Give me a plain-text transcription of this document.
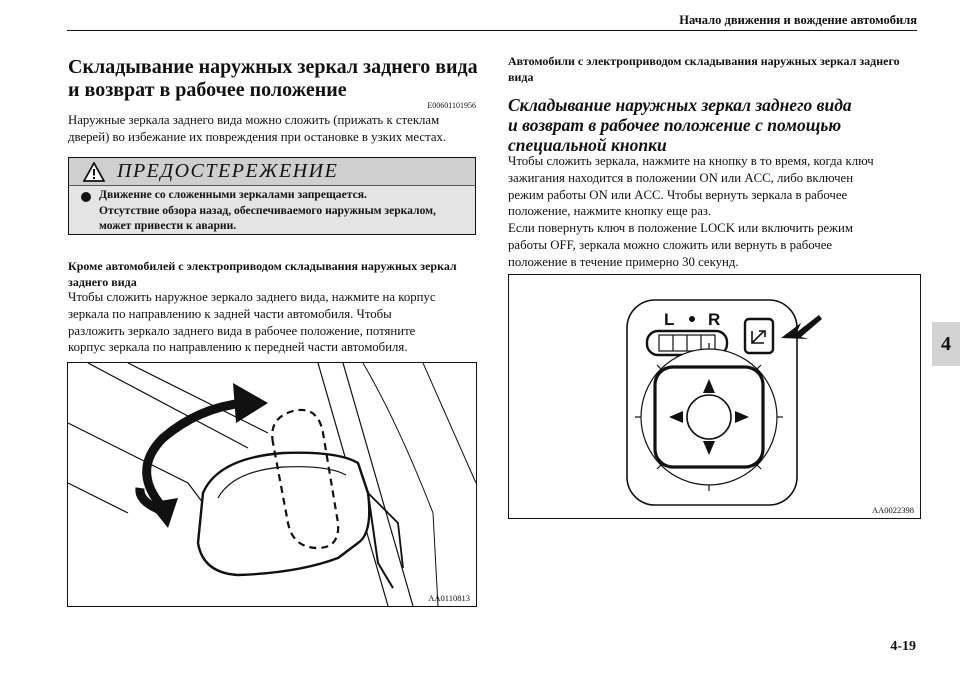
Начало движения и вождение автомобиля
4
Складывание наружных зеркал заднего вида
и возврат в рабочее положение
E00601101956
Наружные зеркала заднего вида можно сложить (прижать к стеклам
дверей) во избежание их повреждения при остановке в узких местах.
ПРЕДОСТЕРЕЖЕНИЕ
Движение со сложенными зеркалами запрещается.
Отсутствие обзора назад, обеспечиваемого наружным зеркалом,
может привести к аварии.
Кроме автомобилей с электроприводом складывания наружных зеркал
заднего вида
Чтобы сложить наружное зеркало заднего вида, нажмите на корпус
зеркала по направлению к задней части автомобиля. Чтобы
разложить зеркало заднего вида в рабочее положение, потяните
корпус зеркала по направлению к передней части автомобиля.
AA0110813
Автомобили с электроприводом складывания наружных зеркал заднего
вида
Складывание наружных зеркал заднего вида
и возврат в рабочее положение с помощью
специальной кнопки
Чтобы сложить зеркала, нажмите на кнопку в то время, когда ключ
зажигания находится в положении ON или ACC, либо включен
режим работы ON или ACC. Чтобы вернуть зеркала в рабочее
положение, нажмите кнопку еще раз.
Если повернуть ключ в положение LOCK или включить режим
работы OFF, зеркала можно сложить или вернуть в рабочее
положение в течение примерно 30 секунд.
L R
AA0022398
4-19
